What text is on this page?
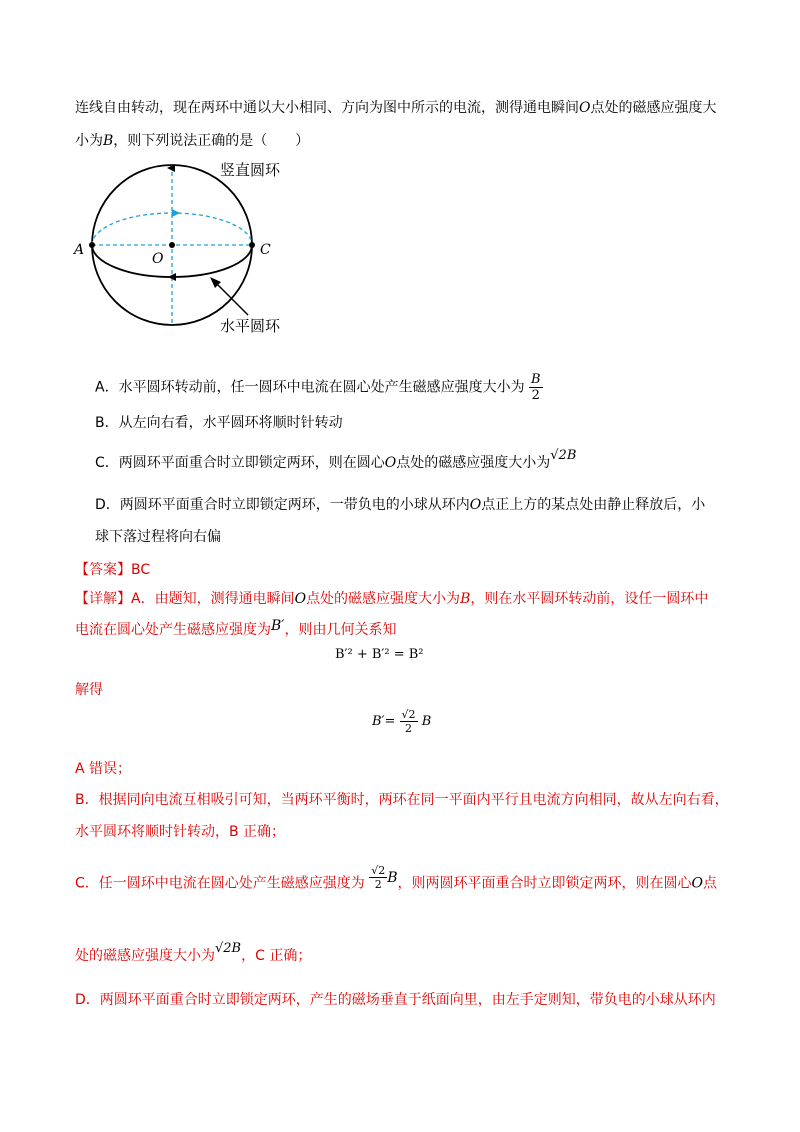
连线自由转动，现在两环中通以大小相同、方向为图中所示的电流，测得通电瞬间O点处的磁感应强度大
小为B，则下列说法正确的是（　　）
竖直圆环
水平圆环
A	C
O
A．水平圆环转动前，任一圆环中电流在圆心处产生磁感应强度大小为 $\frac{B}{2}$
B．从左向右看，水平圆环将顺时针转动
C．两圆环平面重合时立即锁定两环，则在圆心O点处的磁感应强度大小为√2B
D．两圆环平面重合时立即锁定两环，一带负电的小球从环内O点正上方的某点处由静止释放后，小
球下落过程将向右偏
【答案】BC
【详解】A．由题知，测得通电瞬间O点处的磁感应强度大小为B，则在水平圆环转动前，设任一圆环中
电流在圆心处产生磁感应强度为B′，则由几何关系知
B′² + B′² = B²
解得
$B'= \frac{√2}{2}$ B
A 错误；
B．根据同向电流互相吸引可知，当两环平衡时，两环在同一平面内平行且电流方向相同，故从左向右看，
水平圆环将顺时针转动，B 正确；
C．任一圆环中电流在圆心处产生磁感应强度为 $\frac{√2}{2}$ B，则两圆环平面重合时立即锁定两环，则在圆心O点
处的磁感应强度大小为√2B，C 正确；
D．两圆环平面重合时立即锁定两环，产生的磁场垂直于纸面向里，由左手定则知，带负电的小球从环内
